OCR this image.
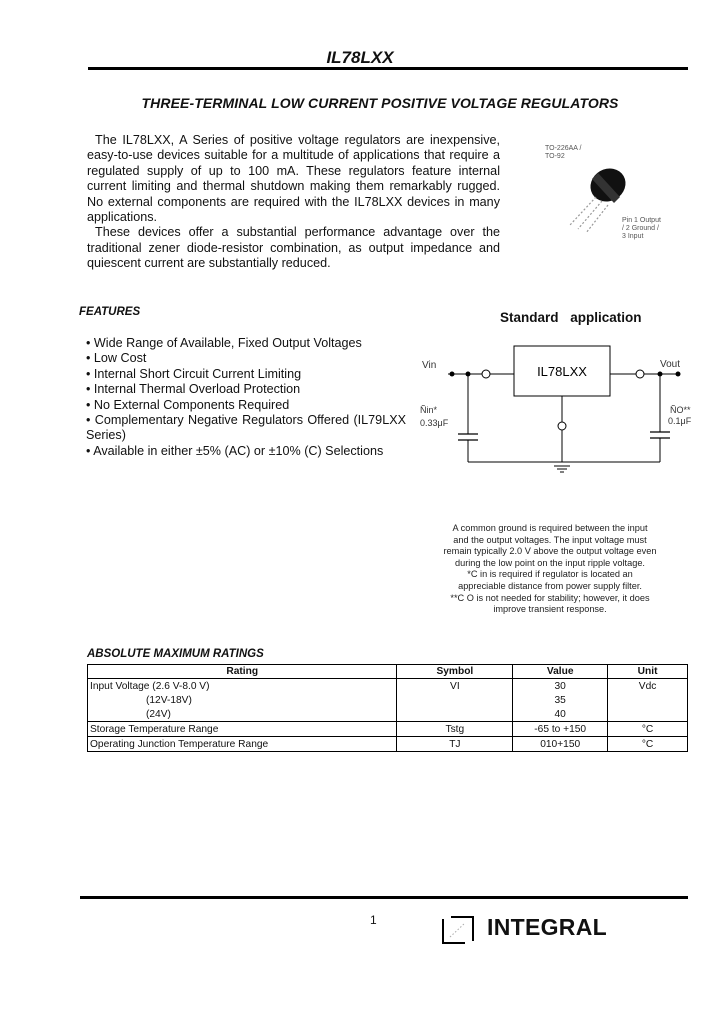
IL78LXX
THREE-TERMINAL LOW CURRENT POSITIVE VOLTAGE REGULATORS

The IL78LXX, A Series of positive voltage regulators are inexpensive, easy-to-use devices suitable for a multitude of applications that require a regulated supply of up to 100 mA. These regulators feature internal current limiting and thermal shutdown making them remarkably rugged. No external components are required with the IL78LXX devices in many applications.

These devices offer a substantial performance advantage over the traditional zener diode-resistor combination, as output impedance and quiescent current are substantially reduced.

TO-226AA / TO-92
Pin 1 Output / 2 Ground / 3 Input
FEATURES
• Wide Range of Available, Fixed Output Voltages
• Low Cost
• Internal Short Circuit Current Limiting
• Internal Thermal Overload Protection
• No External Components Required
• Complementary Negative Regulators Offered (IL79LXX Series)
• Available in either ±5% (AC) or ±10% (C) Selections
Standard application
IL78LXX
Vin	Vout
Ñin*
0.33μF
ÑO**
0.1μF
A common ground is required between the input
and the output voltages. The input voltage must
remain typically 2.0 V above the output voltage even
during the low point on the input ripple voltage.
*C in is required if regulator is located an
appreciable distance from power supply filter.
**C O is not needed for stability; however, it does
improve transient response.
ABSOLUTE MAXIMUM RATINGS
Rating	Symbol	Value	Unit
Input Voltage (2.6 V-8.0 V)	VI	30	Vdc
(12V-18V)		35	
(24V)		40	
Storage Temperature Range	Tstg	-65 to +150	°C
Operating Junction Temperature Range	TJ	010+150	°C
1	INTEGRAL
